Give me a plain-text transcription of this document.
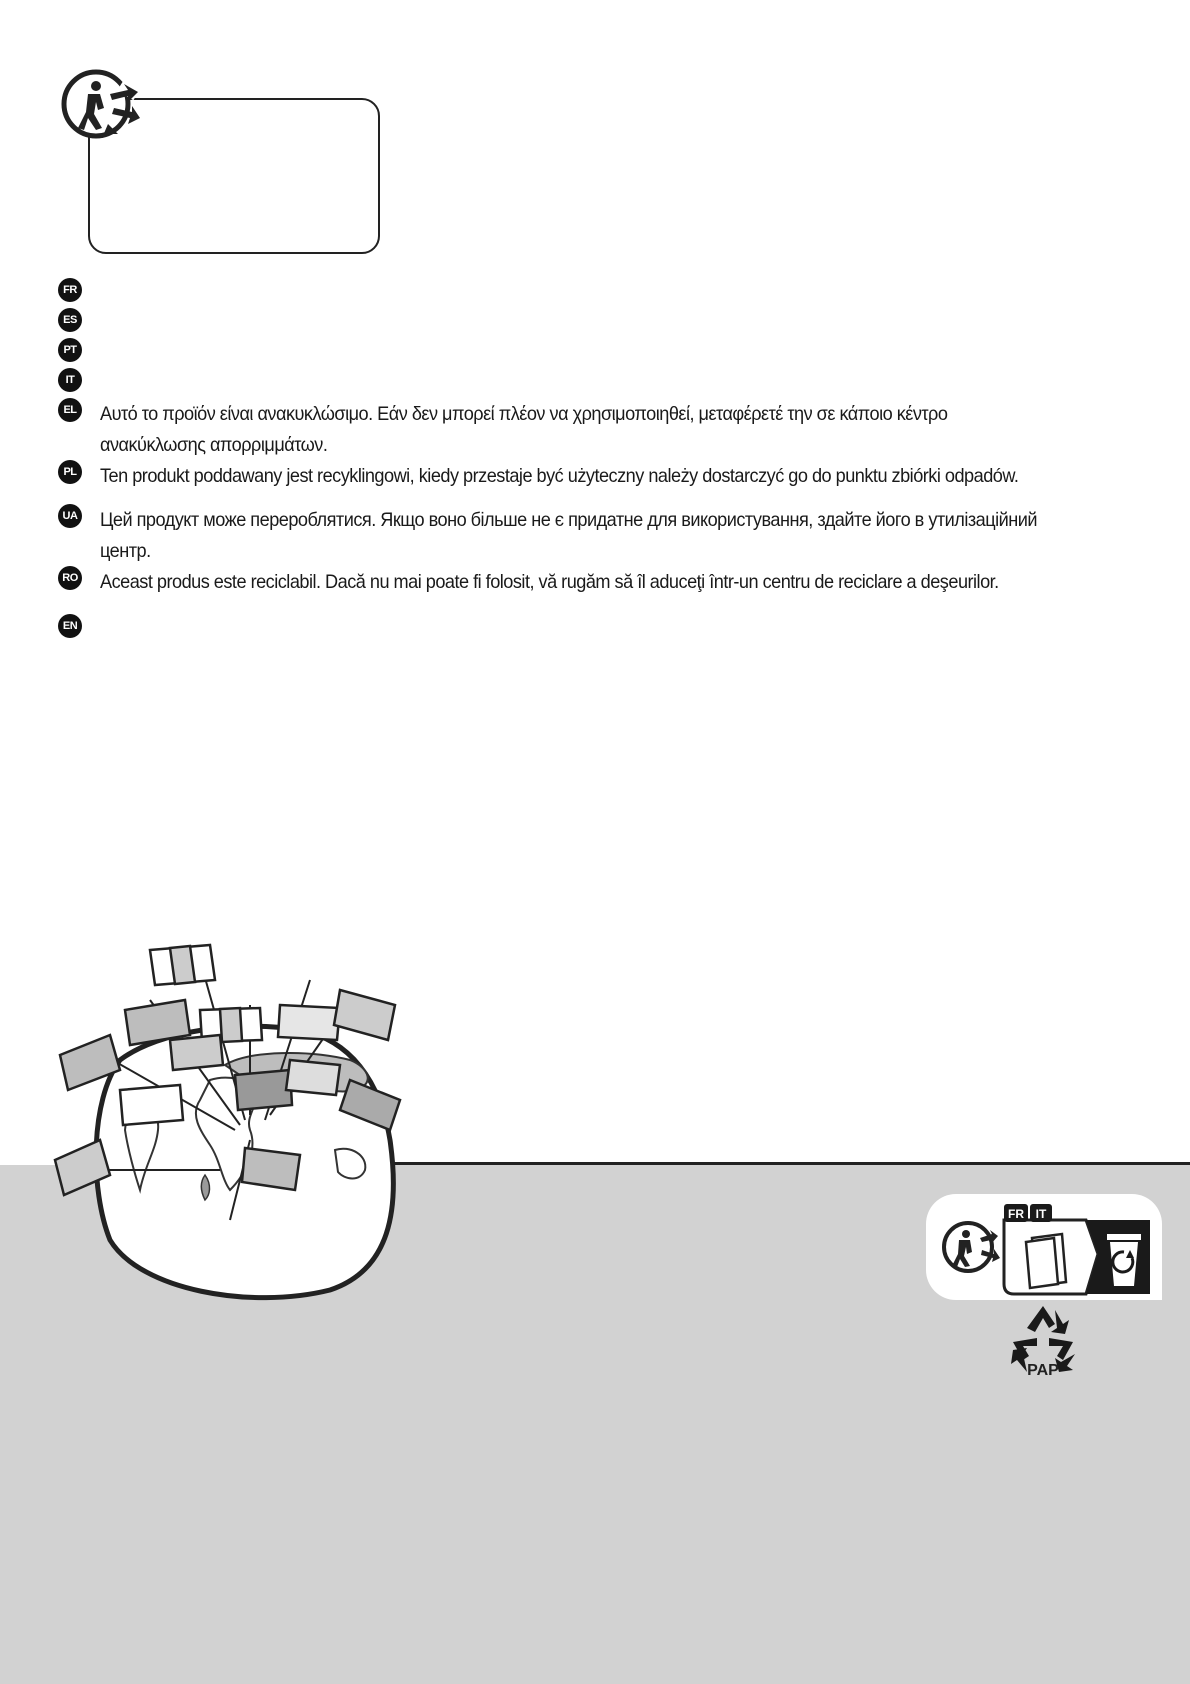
FR
ES
PT
IT
EL Αυτό το προϊόν είναι ανακυκλώσιμο. Εάν δεν μπορεί πλέον να χρησιμοποιηθεί, μεταφέρετέ την σε κάποιο κέντρο ανακύκλωσης απορριμμάτων.
PL Ten produkt poddawany jest recyklingowi, kiedy przestaje być użyteczny należy dostarczyć go do punktu zbiórki odpadów.
UA Цей продукт може перероблятися. Якщо воно більше не є придатне для використування, здайте його в утилізаційний центр.
RO Aceast produs este reciclabil. Dacă nu mai poate fi folosit, vă rugăm să îl aduceţi într-un centru de reciclare a deşeurilor.
EN
FR IT
PAP
